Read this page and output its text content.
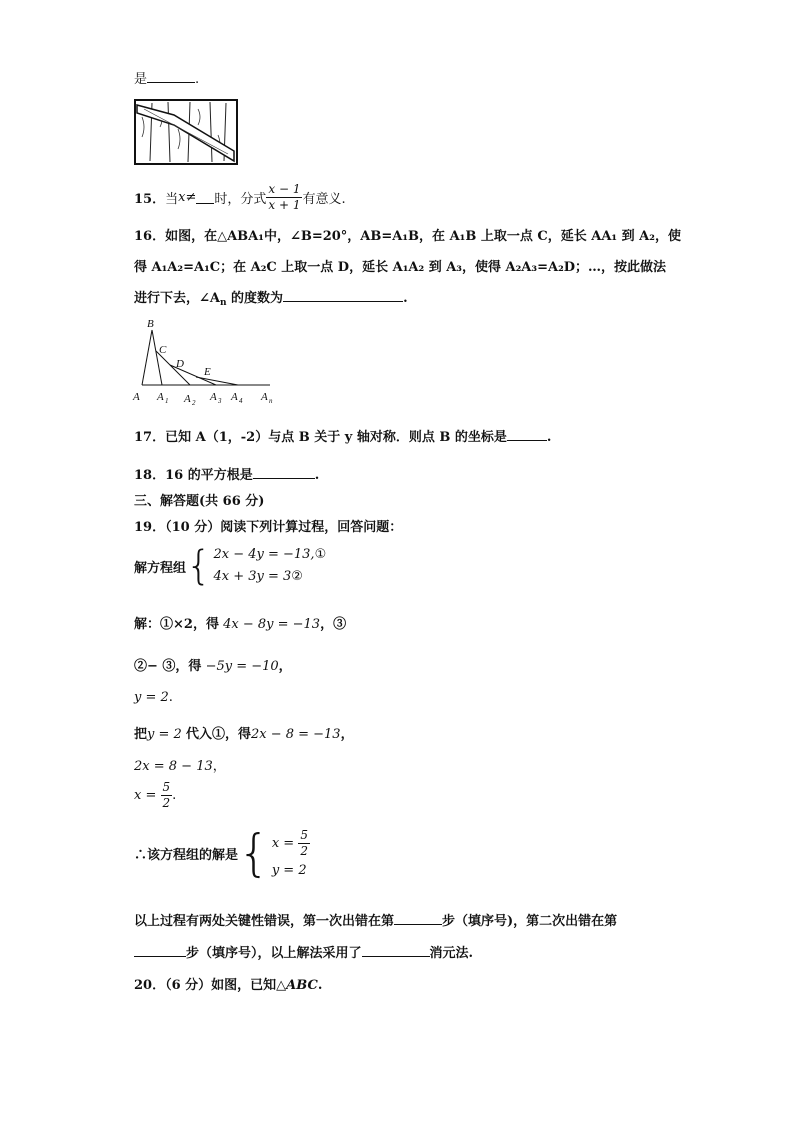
是	.
15． 当 x ≠ 时，分式 $\frac{x - 1}{x + 1}$ 有意义.
16．如图，在△ABA₁中，∠B=20°，AB=A₁B，在 A₁B 上取一点 C，延长 AA₁ 到 A₂，使
得 A₁A₂=A₁C；在 A₂C 上取一点 D，延长 A₁A₂ 到 A₃，使得 A₂A₃=A₂D；…，按此做法
进行下去，$\angle A_n$ 的度数为	.
B
C
D
E
A A 1 A 2 A 3 A 4 A n
17．已知 A（1，-2）与点 B 关于 y 轴对称．则点 B 的坐标是	.
18．16 的平方根是	.
三、解答题(共 66 分)
19．（10 分）阅读下列计算过程，回答问题：
解方程组 { 2x − 4y = −13,①
4x + 3y = 3②
解：①×2，得 4x − 8y = −13，③
②− ③，得 −5y = −10，
y = 2.
把y = 2 代入①，得2x − 8 = −13，
2x = 8 − 13，
x =
$\frac{5}{2}$ .
∴该方程组的解是 { x =
$\frac{5}{2}$
y = 2
以上过程有两处关键性错误，第一次出错在第	步（填序号)，第二次出错在第
步（填序号），以上解法采用了	消元法.
20．（6 分）如图，已知△ABC.
